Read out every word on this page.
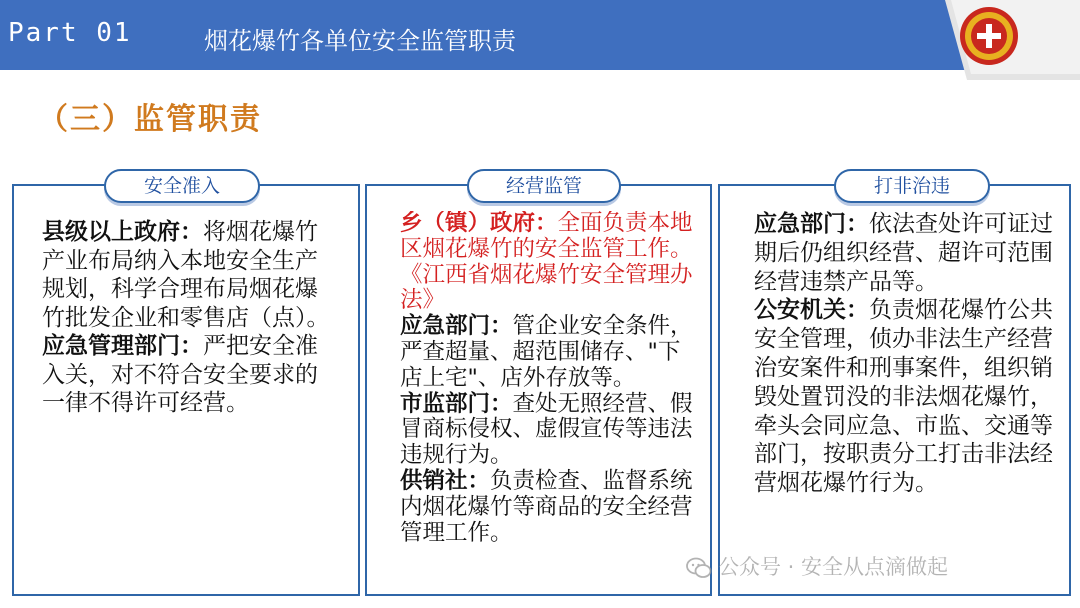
Part 01	烟花爆竹各单位安全监管职责
（三）监管职责
安全准入	经营监管	打非治违

县级以上政府：将烟花爆竹产业布局纳入本地安全生产规划，科学合理布局烟花爆竹批发企业和零售店（点）。

应急管理部门：严把安全准入关，对不符合安全要求的一律不得许可经营。

乡（镇）政府：全面负责本地区烟花爆竹的安全监管工作。《江西省烟花爆竹安全管理办法》

应急部门：管企业安全条件，严查超量、超范围储存、"下店上宅"、店外存放等。

市监部门：查处无照经营、假冒商标侵权、虚假宣传等违法违规行为。

供销社：负责检查、监督系统内烟花爆竹等商品的安全经营管理工作。

应急部门：依法查处许可证过期后仍组织经营、超许可范围经营违禁产品等。

公安机关：负责烟花爆竹公共安全管理，侦办非法生产经营治安案件和刑事案件，组织销毁处置罚没的非法烟花爆竹，牵头会同应急、市监、交通等部门，按职责分工打击非法经营烟花爆竹行为。

公众号 · 安全从点滴做起
